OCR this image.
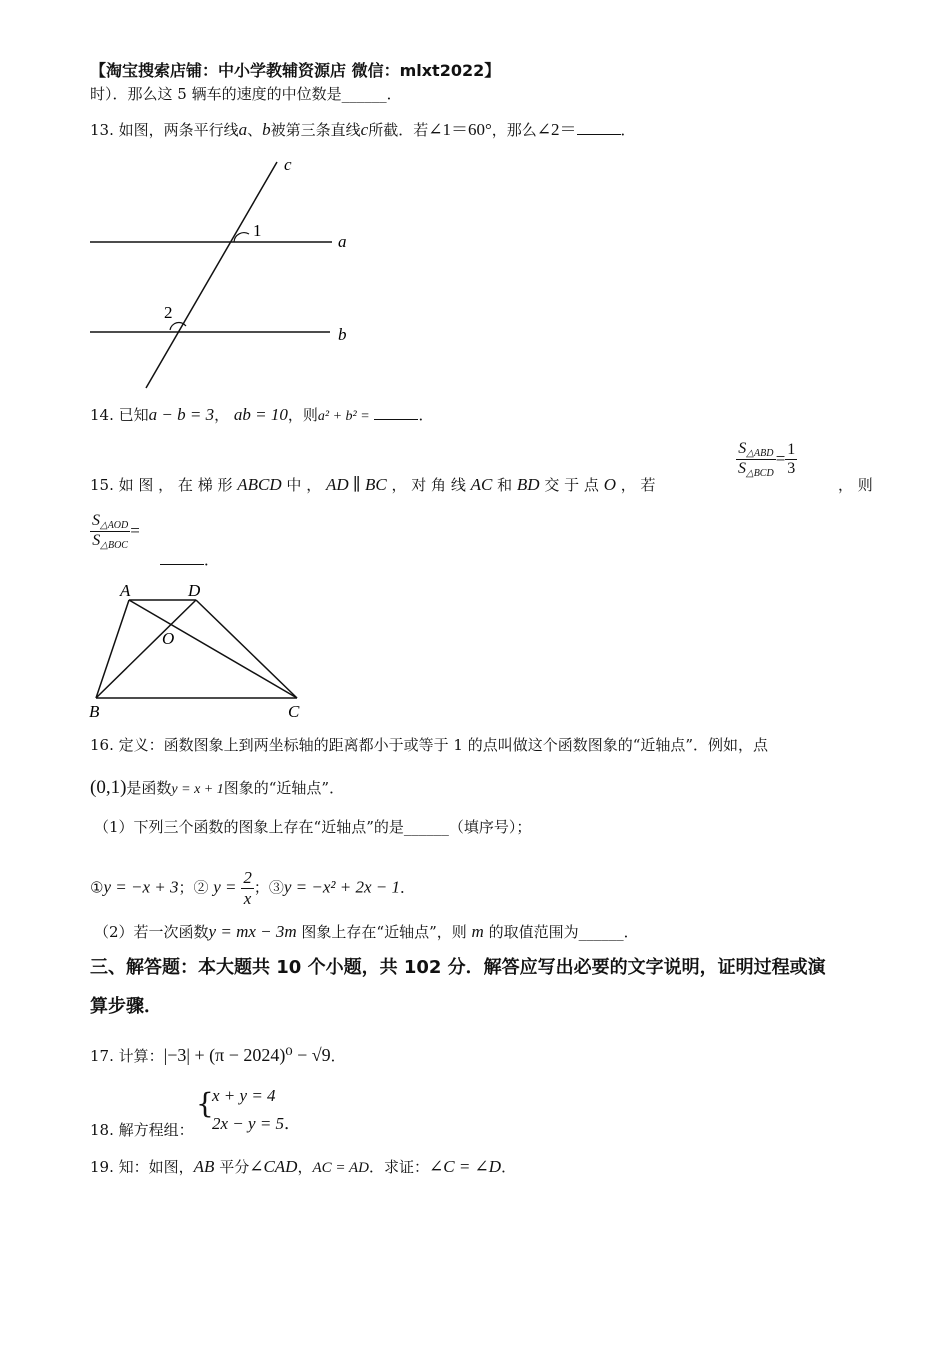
【淘宝搜索店铺：中小学教辅资源店 微信：mlxt2022】
时）．那么这 5 辆车的速度的中位数是______．
13. 如图，两条平行线a、b被第三条直线c所截．若∠1＝60°，那么∠2＝	．
c
a
b
1
2
14. 已知a − b = 3， ab = 10，则a² + b² =	．
15. 如 图 ， 在 梯 形 ABCD 中 ， AD ∥ BC ， 对 角 线 AC 和 BD 交 于 点 O ， 若
$\frac{S_{\triangle ABD}}{S_{\triangle BCD}} = \frac{1}{3}$
， 则
$\frac{S_{\triangle AOD}}{S_{\triangle BOC}}$ =
．
A	D
O
B	C
16. 定义：函数图象上到两坐标轴的距离都小于或等于 1 的点叫做这个函数图象的“近轴点”．例如，点
(0,1)是函数y = x + 1图象的“近轴点”．
（1）下列三个函数的图象上存在“近轴点”的是______（填序号）；
①y = −x + 3；② $y = \frac{2}{x}$ ；③y = −x² + 2x − 1．
（2）若一次函数y = mx − 3m 图象上存在“近轴点”，则 m 的取值范围为______．
三、解答题：本大题共 10 个小题，共 102 分．解答应写出必要的文字说明，证明过程或演
算步骤．
17. 计算：|−3| + (π − 2024)⁰ − √9．
18. 解方程组：
{
x + y = 4
2x − y = 5．
19. 知：如图，AB 平分∠CAD，AC = AD．求证：∠C = ∠D．
